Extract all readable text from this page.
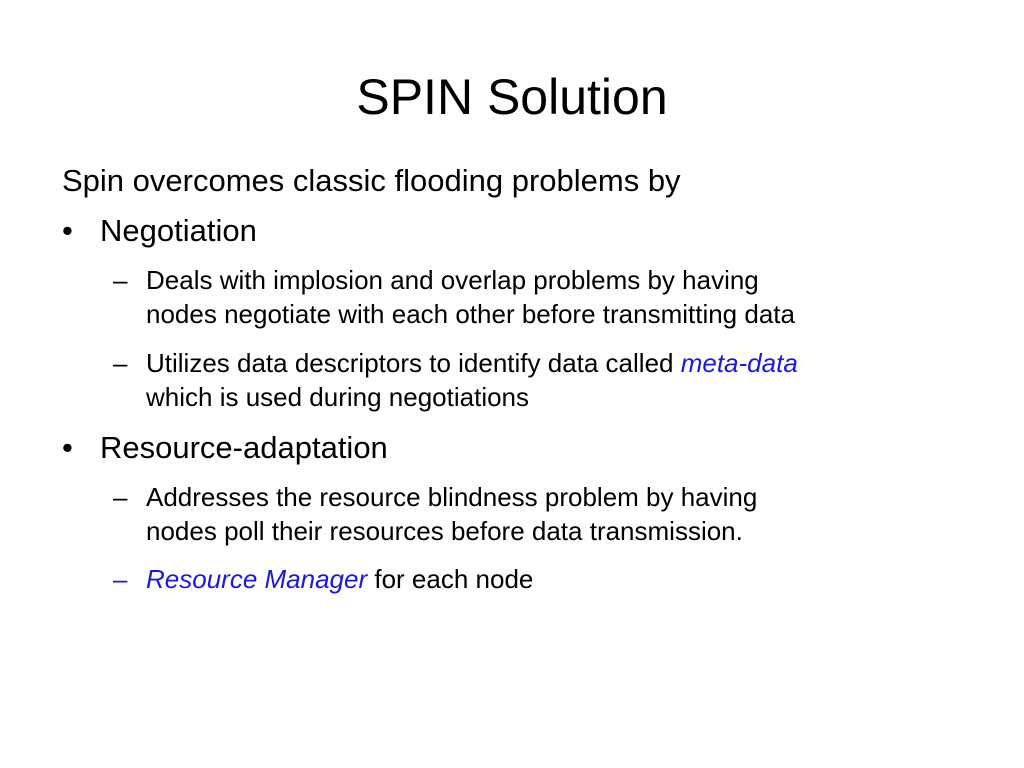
SPIN Solution
Spin overcomes classic flooding problems by
• Negotiation
– Deals with implosion and overlap problems by having
nodes negotiate with each other before transmitting data
– Utilizes data descriptors to identify data called meta-data
which is used during negotiations
• Resource-adaptation
– Addresses the resource blindness problem by having
nodes poll their resources before data transmission.
– Resource Manager for each node
